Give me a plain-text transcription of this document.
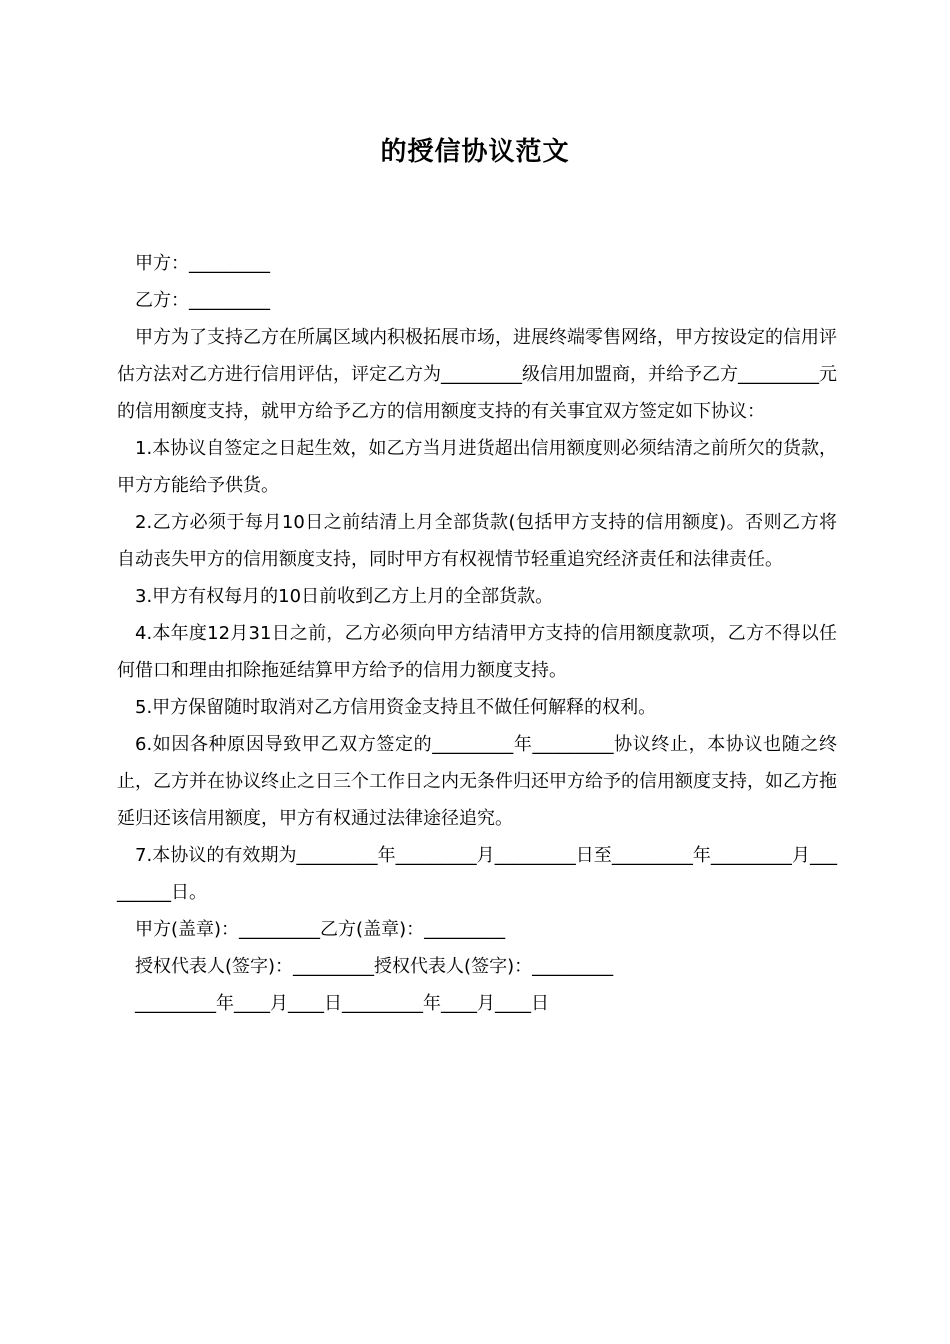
的授信协议范文

甲方：_________

乙方：_________

甲方为了支持乙方在所属区域内积极拓展市场，进展终端零售网络，甲方按设定的信用评估方法对乙方进行信用评估，评定乙方为_________级信用加盟商，并给予乙方_________元的信用额度支持，就甲方给予乙方的信用额度支持的有关事宜双方签定如下协议：

1.本协议自签定之日起生效，如乙方当月进货超出信用额度则必须结清之前所欠的货款，甲方方能给予供货。

2.乙方必须于每月10日之前结清上月全部货款(包括甲方支持的信用额度)。否则乙方将自动丧失甲方的信用额度支持，同时甲方有权视情节轻重追究经济责任和法律责任。

3.甲方有权每月的10日前收到乙方上月的全部货款。

4.本年度12月31日之前，乙方必须向甲方结清甲方支持的信用额度款项，乙方不得以任何借口和理由扣除拖延结算甲方给予的信用力额度支持。

5.甲方保留随时取消对乙方信用资金支持且不做任何解释的权利。

6.如因各种原因导致甲乙双方签定的_________年_________协议终止，本协议也随之终止，乙方并在协议终止之日三个工作日之内无条件归还甲方给予的信用额度支持，如乙方拖延归还该信用额度，甲方有权通过法律途径追究。

7.本协议的有效期为_________年_________月_________日至_________年_________月_________日。

甲方(盖章)：_________乙方(盖章)：_________

授权代表人(签字)：_________授权代表人(签字)：_________

_________年____月____日_________年____月____日
